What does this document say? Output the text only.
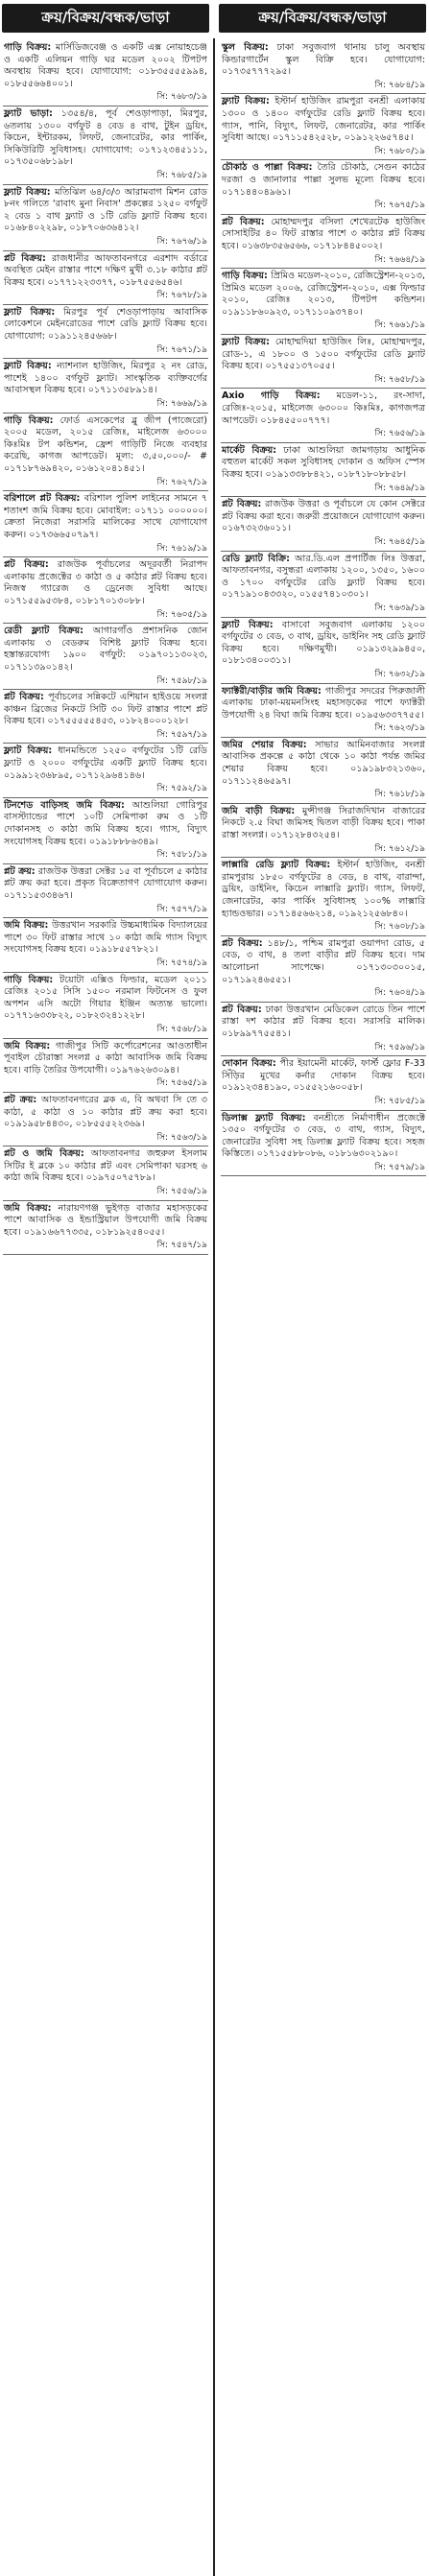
ক্রয়/বিক্রয়/বন্ধক/ভাড়া	ক্রয়/বিক্রয়/বন্ধক/ভাড়া
গাড়ি বিক্রয়: মার্সিডিজবেঞ্জ ও একটি এক্স নোয়াহচেঞ্জ ও একটি এলিয়ন গাড়ি ঘর মডেল ২০০২ টিপটপ অবস্থায় বিক্রয় হবে। যোগাযোগ: ০১৮৩৫৫৫৫৯৯৪, ০১৮৫৫৬৬৪০০১।
সি: ৭৬৮৩/১৯
ফ্ল্যাট ভাড়া: ১৩৫৪/৪, পূর্ব শেওড়াপাড়া, মিরপুর, ৬তলায় ১৩০০ বর্গফুট ৪ বেড ৪ বাথ, টুইন ড্রয়িং, কিচেন, ইন্টারকম, লিফট, জেনারেটর, কার পার্কিং, সিকিউরিটি সুবিধাসহ। যোগাযোগ: ০১৭১২৩৪৫১১১, ০১৭৩৫০৬৮১৯৮।
সি: ৭৬৮৫/১৯
ফ্ল্যাট বিক্রয়: মতিঝিল ৬৪/৩/৩ আরামবাগ মিশন রোড ৮নং গলিতে 'রাবাৎ মুনা নিবাস' প্রকল্পের ১২৫০ বর্গফুট ২ বেড ১ বাথ ফ্ল্যাট ও ১টি রেডি ফ্ল্যাট বিক্রয় হবে। ০১৬৮৪০২২৯৮, ০১৮৭০৬৩৬৪১২।
সি: ৭৬৭৬/১৯
প্লট বিক্রয়: রাজধানীর আফতাবনগরে এরশাদ বর্ডারে অবস্থিত মেইন রাস্তার পাশে দক্ষিণ মুখী ৩.১৮ কাঠার প্লট বিক্রয় হবে। ০১৭৭১২২৩৩৭৭, ০১৮৭৫৫৬৫৪৬।
সি: ৭৬৭৮/১৯
ফ্ল্যাট বিক্রয়: মিরপুর পূর্ব শেওড়াপাড়ায় আবাসিক লোকেশনে মেইনরোডের পাশে রেডি ফ্ল্যাট বিক্রয় হবে। যোগাযোগ: ০১৯১১২৪৫৬৬৮।
সি: ৭৬৭১/১৯
ফ্ল্যাট বিক্রয়: ন্যাশনাল হাউজিং, মিরপুর ২ নং রোড, পাশেই ১৪০০ বর্গফুট ফ্ল্যাট। সাংস্কৃতিক ব্যক্তিবর্গের আবাসস্থল বিক্রয় হবে। ০১৭১১৩৫৮৯১৪।
সি: ৭৬৬৯/১৯
গাড়ি বিক্রয়: ফোর্ড এসকেপের ব্লু জীপ (পাজেরো) ২০০৫ মডেল, ২০১৫ রেজিঃ, মাইলেজ ৬৩০০০ কিঃমিঃ টপ কন্ডিশন, ফ্রেশ গাড়িটি নিজে ব্যবহার করেছি, কাগজ আপডেট। মূল্য: ৩,৫০,০০০/- # ০১৭১৮৭৬৯৪২০, ০১৬১২০৪১৪৫১।
সি: ৭৬২৭/১৯
বরিশালে প্লট বিক্রয়: বরিশাল পুলিশ লাইনের সামনে ৭ শতাংশ জমি বিক্রয় হবে। মোবাইল: ০১৭১১ ০০০০০০। ক্রেতা নিজেরা সরাসরি মালিকের সাথে যোগাযোগ করুন। ০১৭৩৬৬৫০৭৯৭।
সি: ৭৬১৯/১৯
প্লট বিক্রয়: রাজউক পূর্বাচলের অদূরবর্তী নিরাপদ এলাকায় প্রজেক্টের ৩ কাঠা ও ৫ কাঠার প্লট বিক্রয় হবে। নিজস্ব গ্যারেজ ও ড্রেনেজ সুবিধা আছে। ০১৭১৫৫৯৫৩৮৪, ০১৮১৭০১৩০৮৮।
সি: ৭৬০৫/১৯
রেডী ফ্ল্যাট বিক্রয়: আগারগাঁও প্রশাসনিক জোন এলাকায় ৩ বেডরুম বিশিষ্ট ফ্ল্যাট বিক্রয় হবে। হস্তান্তরযোগ্য ১৯০০ বর্গফুট: ০১৯৭০১১৩০২৩, ০১৭১১৩৯০১৪২।
সি: ৭৫৯৮/১৯
প্লট বিক্রয়: পূর্বাচলের সন্নিকটে এশিয়ান হাইওয়ে সংলগ্ন কাঞ্চন ব্রিজের নিকটে সিটি ৩০ ফিট রাস্তার পাশে প্লট বিক্রয় হবে। ০১৭৫৫৫৫৫৪৫৩, ০১৮২৪০০০১২৮।
সি: ৭৫৯৭/১৯
ফ্ল্যাট বিক্রয়: ধানমন্ডিতে ১২৫০ বর্গফুটের ১টি রেডি ফ্ল্যাট ও ২০০০ বর্গফুটের একটি ফ্ল্যাট বিক্রয় হবে। ০১৯৯১২৩৬৮৯৫, ০১৭১২৯৬৪১৪৬।
সি: ৭৫৯২/১৯
টিনশেড বাড়িসহ জমি বিক্রয়: আশুলিয়া গোরিপুর বাসস্ট্যান্ডের পাশে ১০টি সেমিপাকা রুম ও ১টি দোকানসহ ৩ কাঠা জমি বিক্রয় হবে। গ্যাস, বিদ্যুৎ সংযোগসহ বিক্রয় হবে। ০১৯১৮৮৮৬৩৪৯।
সি: ৭৫৮১/১৯
প্লট ক্রয়: রাজউক উত্তরা সেক্টর ১৫ বা পূর্বাচলে ৫ কাঠার প্লট ক্রয় করা হবে। প্রকৃত বিক্রেতাগণ যোগাযোগ করুন। ০১৭১১৫৩৩৪৬৭।
সি: ৭৫৭৭/১৯
জমি বিক্রয়: উত্তরখান সরকারি উচ্চমাধ্যমিক বিদ্যালয়ের পাশে ৩০ ফিট রাস্তার সাথে ১০ কাঠা জমি গ্যাস বিদ্যুৎ সংযোগসহ বিক্রয় হবে। ০১৯১৮৫৫৭৮২১।
সি: ৭৫৭৪/১৯
গাড়ি বিক্রয়: টয়োটা এক্সিও ফিল্ডার, মডেল ২০১১ রেজিঃ ২০১৫ সিসি ১৫০০ নরমাল ফিটনেস ও ফুল অপশন এসি অটো গিয়ার ইঞ্জিন অত্যন্ত ভালো। ০১৭৭১৬৩৩৮২২, ০১৮২৩২৪১২২৮।
সি: ৭৫৬৮/১৯
জমি বিক্রয়: গাজীপুর সিটি কর্পোরেশনের আওতাধীন পূবাইল চৌরাস্তা সংলগ্ন ৫ কাঠা আবাসিক জমি বিক্রয় হবে। বাড়ি তৈরির উপযোগী। ০১৯৭৬২৬৩০৯৪।
সি: ৭৫৬৫/১৯
প্লট ক্রয়: আফতাবনগরের ব্লক এ, বি অথবা সি তে ৩ কাঠা, ৫ কাঠা ও ১০ কাঠার প্লট ক্রয় করা হবে। ০১৯১৯৫৮৪৪৩০, ০১৮৫৫৫২২৩৬৯।
সি: ৭৫৬৩/১৯
প্লট ও জমি বিক্রয়: আফতাবনগর জহুরুল ইসলাম সিটির ই ব্লকে ১০ কাঠার প্লট এবং সেমিপাকা ঘরসহ ৬ কাঠা জমি বিক্রয় হবে। ০১৯৭৫০৭৫৭৮৯।
সি: ৭৫৫৬/১৯
জমি বিক্রয়: নারায়ণগঞ্জ ভুইগড় বাজার মহাসড়কের পাশে আবাসিক ও ইন্ডাস্ট্রিয়াল উপযোগী জমি বিক্রয় হবে। ০১৯১৬৬৭৭৩৩৫, ০১৮১৯২৫৪০৫৫।
সি: ৭৫৪৭/১৯
স্কুল বিক্রয়: ঢাকা সবুজবাগ থানায় চালু অবস্থায় কিন্ডারগার্টেন স্কুল বিক্রি হবে। যোগাযোগ: ০১৭৩৫৭৭৭২৯৫।
সি: ৭৬৮৪/১৯
ফ্ল্যাট বিক্রয়: ইস্টার্ন হাউজিং রামপুরা বনশ্রী এলাকায় ১৩০০ ও ১৪০০ বর্গফুটের রেডি ফ্ল্যাট বিক্রয় হবে। গ্যাস, পানি, বিদ্যুৎ, লিফট, জেনারেটর, কার পার্কিং সুবিধা আছে। ০১৭১১৫৪২৫২৮, ০১৯১২২৬৫৭৪৫।
সি: ৭৬৮০/১৯
চৌকাঠ ও পাল্লা বিক্রয়: তৈরি চৌকাঠ, সেগুন কাঠের দরজা ও জানালার পাল্লা সুলভ মূল্যে বিক্রয় হবে। ০১৭১৪৪০৪৯৬১।
সি: ৭৬৭৫/১৯
প্লট বিক্রয়: মোহাম্মদপুর বসিলা শেখেরটেক হাউজিং সোসাইটির ৪০ ফিট রাস্তার পাশে ৩ কাঠার প্লট বিক্রয় হবে। ০১৬৩৮৩৫৬৫৬৬, ০১৭১৮৪৪৫০০২।
সি: ৭৬৬৪/১৯
গাড়ি বিক্রয়: প্রিমিও মডেল-২০১০, রেজিস্ট্রেশন-২০১৩, প্রিমিও মডেল ২০০৬, রেজিস্ট্রেশন-২০১০, এক্স ফিল্ডার ২০১০, রেজিঃ ২০১৩, টিপটপ কন্ডিশন। ০১৯১১৮৬০৯২৩, ০১৭১১০৯৩৭৪০।
সি: ৭৬৬১/১৯
ফ্ল্যাট বিক্রয়: মোহাম্মদিয়া হাউজিং লিঃ, মোহাম্মদপুর, রোড-১, এ ১৮০০ ও ১৫০০ বর্গফুটের রেডি ফ্ল্যাট বিক্রয় হবে। ০১৭৫৫১৩৭০৫৫।
সি: ৭৬৫৮/১৯
Axio গাড়ি বিক্রয়: মডেল-১১, রং-সাদা, রেজিঃ-২০১৫, মাইলেজ ৬৩০০০ কিঃমিঃ, কাগজপত্র আপডেট। ০১৮৪৫৫০০৭৭৭।
সি: ৭৬৫৬/১৯
মার্কেট বিক্রয়: ঢাকা আশুলিয়া জামগড়ায় আধুনিক বহুতল মার্কেট সকল সুবিধাসহ দোকান ও অফিস স্পেস বিক্রয় হবে। ০১৯১৩৩৮৮৪২১, ০১৮৭১৮০৮৮৫৮।
সি: ৭৬৪৯/১৯
প্লট বিক্রয়: রাজউক উত্তরা ও পূর্বাচলে যে কোন সেক্টরে প্লট বিক্রয় করা হবে। জরুরী প্রয়োজনে যোগাযোগ করুন। ০১৬৭৩২৩৬০১১।
সি: ৭৬৪৫/১৯
রেডি ফ্ল্যাট বিক্রি: আর.ডি.এল প্রপার্টিজ লিঃ উত্তরা, আফতাবনগর, বসুন্ধরা এলাকায় ১২০০, ১৩৫০, ১৬০০ ও ১৭০০ বর্গফুটের রেডি ফ্ল্যাট বিক্রয় হবে। ০১৭১৯১০৪৩৩২০, ০১৫৫৭৪১০৩০১।
সি: ৭৬৩৯/১৯
ফ্ল্যাট বিক্রয়: বাসাবো সবুজবাগ এলাকায় ১২০০ বর্গফুটের ৩ বেড, ৩ বাথ, ড্রয়িং, ডাইনিং সহ রেডি ফ্ল্যাট বিক্রয় হবে। দক্ষিণমুখী। ০১৯১৩২৯৯৪৫০, ০১৮১৩৪০০৩১১।
সি: ৭৬৩২/১৯
ফ্যাক্টরী/বাড়ীর জমি বিক্রয়: গাজীপুর সদরের পিরুজালী এলাকায় ঢাকা-ময়মনসিংহ মহাসড়কের পাশে ফ্যাক্টরী উপযোগী ২৪ বিঘা জমি বিক্রয় হবে। ০১৯৫৬৩৩৭৭৫৫।
সি: ৭৬২৩/১৯
জমির শেয়ার বিক্রয়: সাভার আমিনবাজার সংলগ্ন আবাসিক প্রকল্পে ৫ কাঠা থেকে ১০ কাঠা পর্যন্ত জমির শেয়ার বিক্রয় হবে। ০১৯১৯৮৩২১৩৬০, ০১৭১১২৪৬৫৯৭।
সি: ৭৬১৮/১৯
জমি বাড়ী বিক্রয়: মুন্সীগঞ্জ সিরাজদিখান বাজারের নিকটে ২.৫ বিঘা জমিসহ দ্বিতল বাড়ী বিক্রয় হবে। পাকা রাস্তা সংলগ্ন। ০১৭১২৮৪৩২৫৪।
সি: ৭৬১২/১৯
লাক্সারি রেডি ফ্ল্যাট বিক্রয়: ইস্টার্ন হাউজিং, বনশ্রী রামপুরায় ১৮৫০ বর্গফুটের ৪ বেড, ৪ বাথ, বারান্দা, ড্রয়িং, ডাইনিং, কিচেন লাক্সারি ফ্ল্যাট। গ্যাস, লিফট, জেনারেটর, কার পার্কিং সুবিধাসহ ১০০% লাক্সারি হ্যান্ডওভার। ০১৭১৪৫৬৬২১৪, ০১৯২১২৫৬৮৪০।
সি: ৭৬০৮/১৯
প্লট বিক্রয়: ১৪৮/১, পশ্চিম রামপুরা ওয়াপদা রোড, ৫ বেড, ৩ বাথ, ৪ তলা বাড়ীর প্লট বিক্রয় হবে। দাম আলোচনা সাপেক্ষে। ০১৭১৩০৩০০১৫, ০১৭১৯২৪৬৫৫১।
সি: ৭৬০৪/১৯
প্লট বিক্রয়: ঢাকা উত্তরখান মেডিকেল রোডে তিন পাশে রাস্তা দশ কাঠার প্লট বিক্রয় হবে। সরাসরি মালিক। ০১৮৯৯৭৭৫৫৪১।
সি: ৭৫৯৬/১৯
দোকান বিক্রয়: পীর ইয়ামেনী মার্কেট, ফার্স্ট ফ্লোর F-33 সিঁড়ির মুখের কর্নার দোকান বিক্রয় হবে। ০১৯১২৩৪৪১৯০, ০১৫৫২১৬০০৫৮।
সি: ৭৫৮৫/১৯
ডিলাক্স ফ্ল্যাট বিক্রয়: বনশ্রীতে নির্মাণাধীন প্রজেক্টে ১৩৫০ বর্গফুটের ৩ বেড, ৩ বাথ, গ্যাস, বিদ্যুৎ, জেনারেটর সুবিধা সহ ডিলাক্স ফ্ল্যাট বিক্রয় হবে। সহজ কিস্তিতে। ০১৭১৫৫৮৮০৮৬, ০১৮১৬৩০২১৯০।
সি: ৭৫৭৯/১৯
